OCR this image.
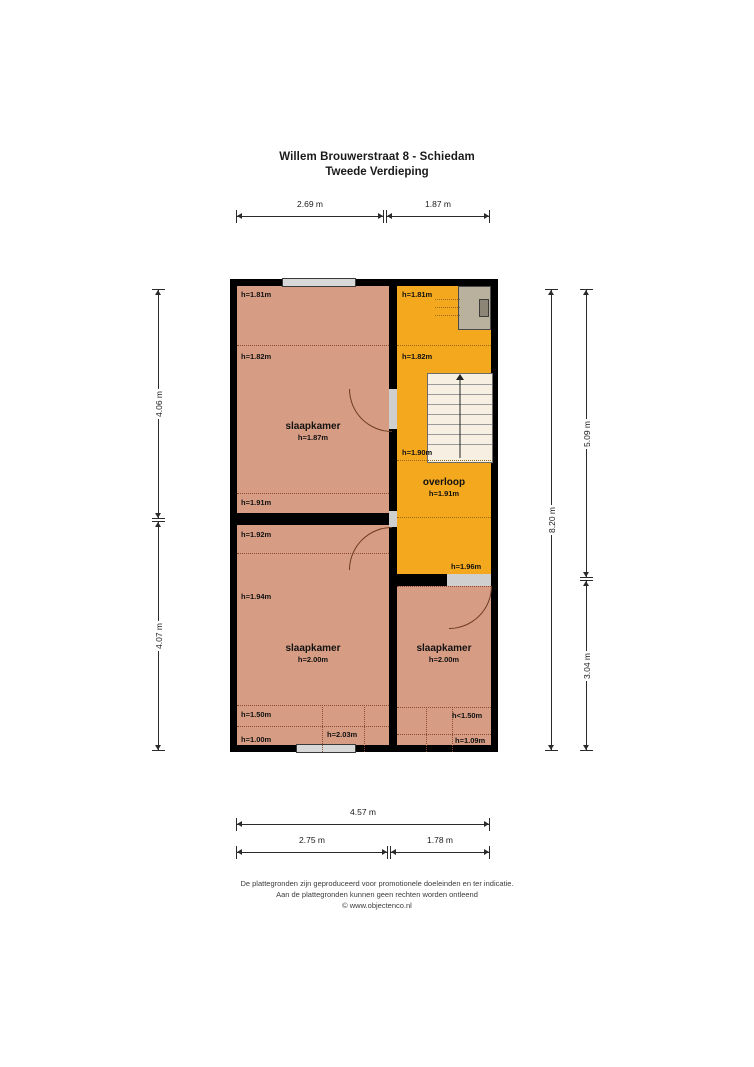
Willem Brouwerstraat 8 - Schiedam
Tweede Verdieping
2.69 m	1.87 m
4.06 m
4.07 m
5.09 m
3.04 m
8.20 m
4.57 m
2.75 m	1.78 m
h=1.81m
h=1.82m
h=1.91m
h=1.81m
h=1.82m
h=1.90m
h=1.92m
h=1.94m
h=1.50m
h=1.00m
h=2.03m
h=1.96m
h<1.50m
h=1.09m
slaapkamer
h=1.87m
overloop
h=1.91m
slaapkamer
h=2.00m
slaapkamer
h=2.00m
De plattegronden zijn geproduceerd voor promotionele doeleinden en ter indicatie.
Aan de plattegronden kunnen geen rechten worden ontleend
© www.objectenco.nl
